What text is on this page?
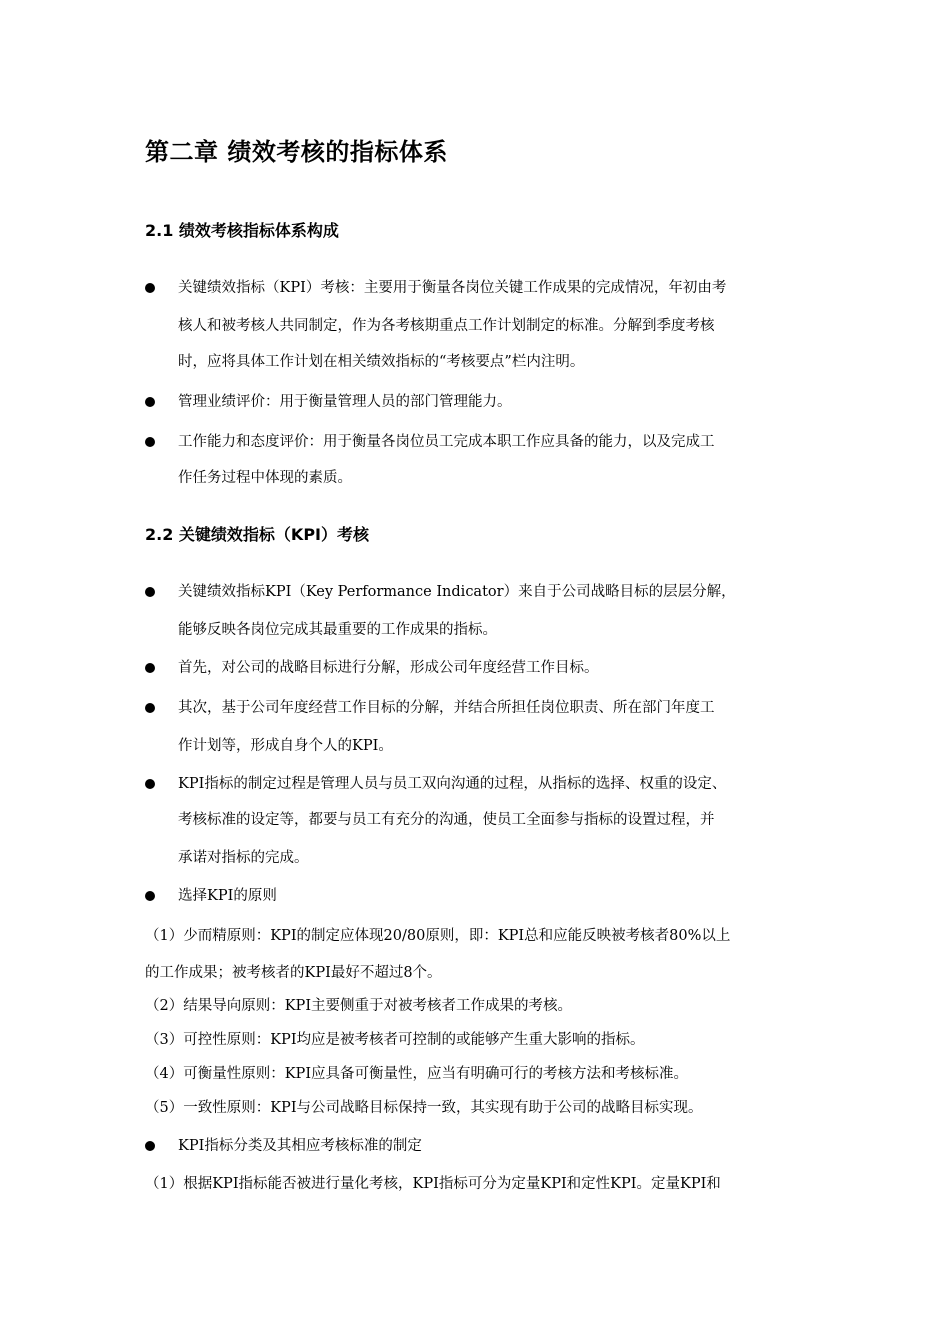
第二章 绩效考核的指标体系
2.1 绩效考核指标体系构成
关键绩效指标（KPI）考核：主要用于衡量各岗位关键工作成果的完成情况，年初由考
核人和被考核人共同制定，作为各考核期重点工作计划制定的标准。分解到季度考核
时，应将具体工作计划在相关绩效指标的“考核要点”栏内注明。
管理业绩评价：用于衡量管理人员的部门管理能力。
工作能力和态度评价：用于衡量各岗位员工完成本职工作应具备的能力，以及完成工
作任务过程中体现的素质。
2.2 关键绩效指标（KPI）考核
关键绩效指标KPI（Key Performance Indicator）来自于公司战略目标的层层分解，
能够反映各岗位完成其最重要的工作成果的指标。
首先，对公司的战略目标进行分解，形成公司年度经营工作目标。
其次，基于公司年度经营工作目标的分解，并结合所担任岗位职责、所在部门年度工
作计划等，形成自身个人的KPI。
KPI指标的制定过程是管理人员与员工双向沟通的过程，从指标的选择、权重的设定、
考核标准的设定等，都要与员工有充分的沟通，使员工全面参与指标的设置过程，并
承诺对指标的完成。
选择KPI的原则
（1）少而精原则：KPI的制定应体现20/80原则，即：KPI总和应能反映被考核者80%以上
的工作成果；被考核者的KPI最好不超过8个。
（2）结果导向原则：KPI主要侧重于对被考核者工作成果的考核。
（3）可控性原则：KPI均应是被考核者可控制的或能够产生重大影响的指标。
（4）可衡量性原则：KPI应具备可衡量性，应当有明确可行的考核方法和考核标准。
（5）一致性原则：KPI与公司战略目标保持一致，其实现有助于公司的战略目标实现。
KPI指标分类及其相应考核标准的制定
（1）根据KPI指标能否被进行量化考核，KPI指标可分为定量KPI和定性KPI。定量KPI和
